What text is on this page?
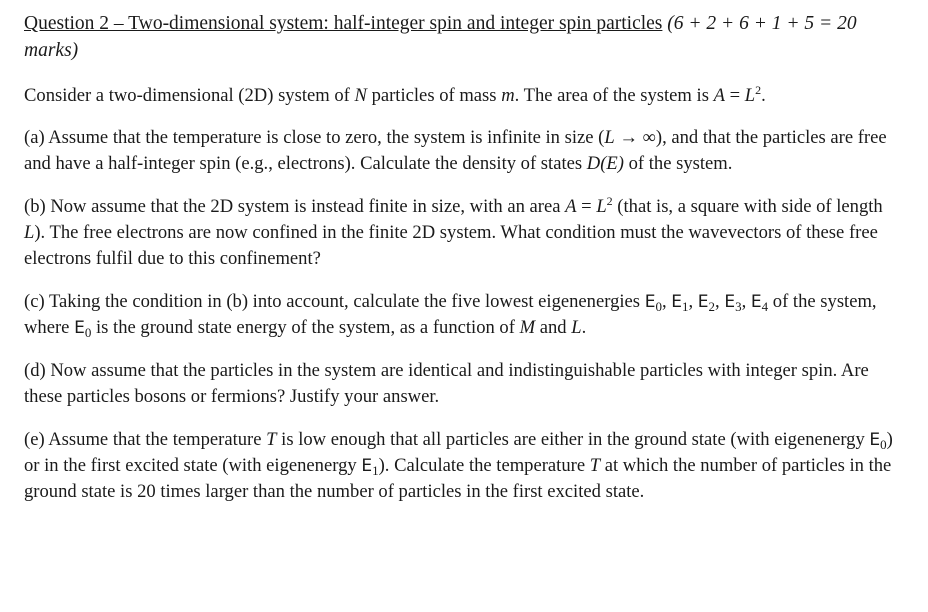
Question 2 – Two-dimensional system: half-integer spin and integer spin particles (6 + 2 + 6 + 1 + 5 = 20 marks)
Consider a two-dimensional (2D) system of N particles of mass m. The area of the system is $A = L^2$.
(a) Assume that the temperature is close to zero, the system is infinite in size (L → ∞), and that the particles are free and have a half-integer spin (e.g., electrons). Calculate the density of states D(E) of the system.
(b) Now assume that the 2D system is instead finite in size, with an area $A = L^2$ (that is, a square with side of length L). The free electrons are now confined in the finite 2D system. What condition must the wavevectors of these free electrons fulfil due to this confinement?
(c) Taking the condition in (b) into account, calculate the five lowest eigenenergies $E_0$, $E_1$, $E_2$, $E_3$, $E_4$ of the system, where $E_0$ is the ground state energy of the system, as a function of M and L.
(d) Now assume that the particles in the system are identical and indistinguishable particles with integer spin. Are these particles bosons or fermions? Justify your answer.
(e) Assume that the temperature T is low enough that all particles are either in the ground state (with eigenenergy $E_0$) or in the first excited state (with eigenenergy $E_1$). Calculate the temperature T at which the number of particles in the ground state is 20 times larger than the number of particles in the first excited state.
